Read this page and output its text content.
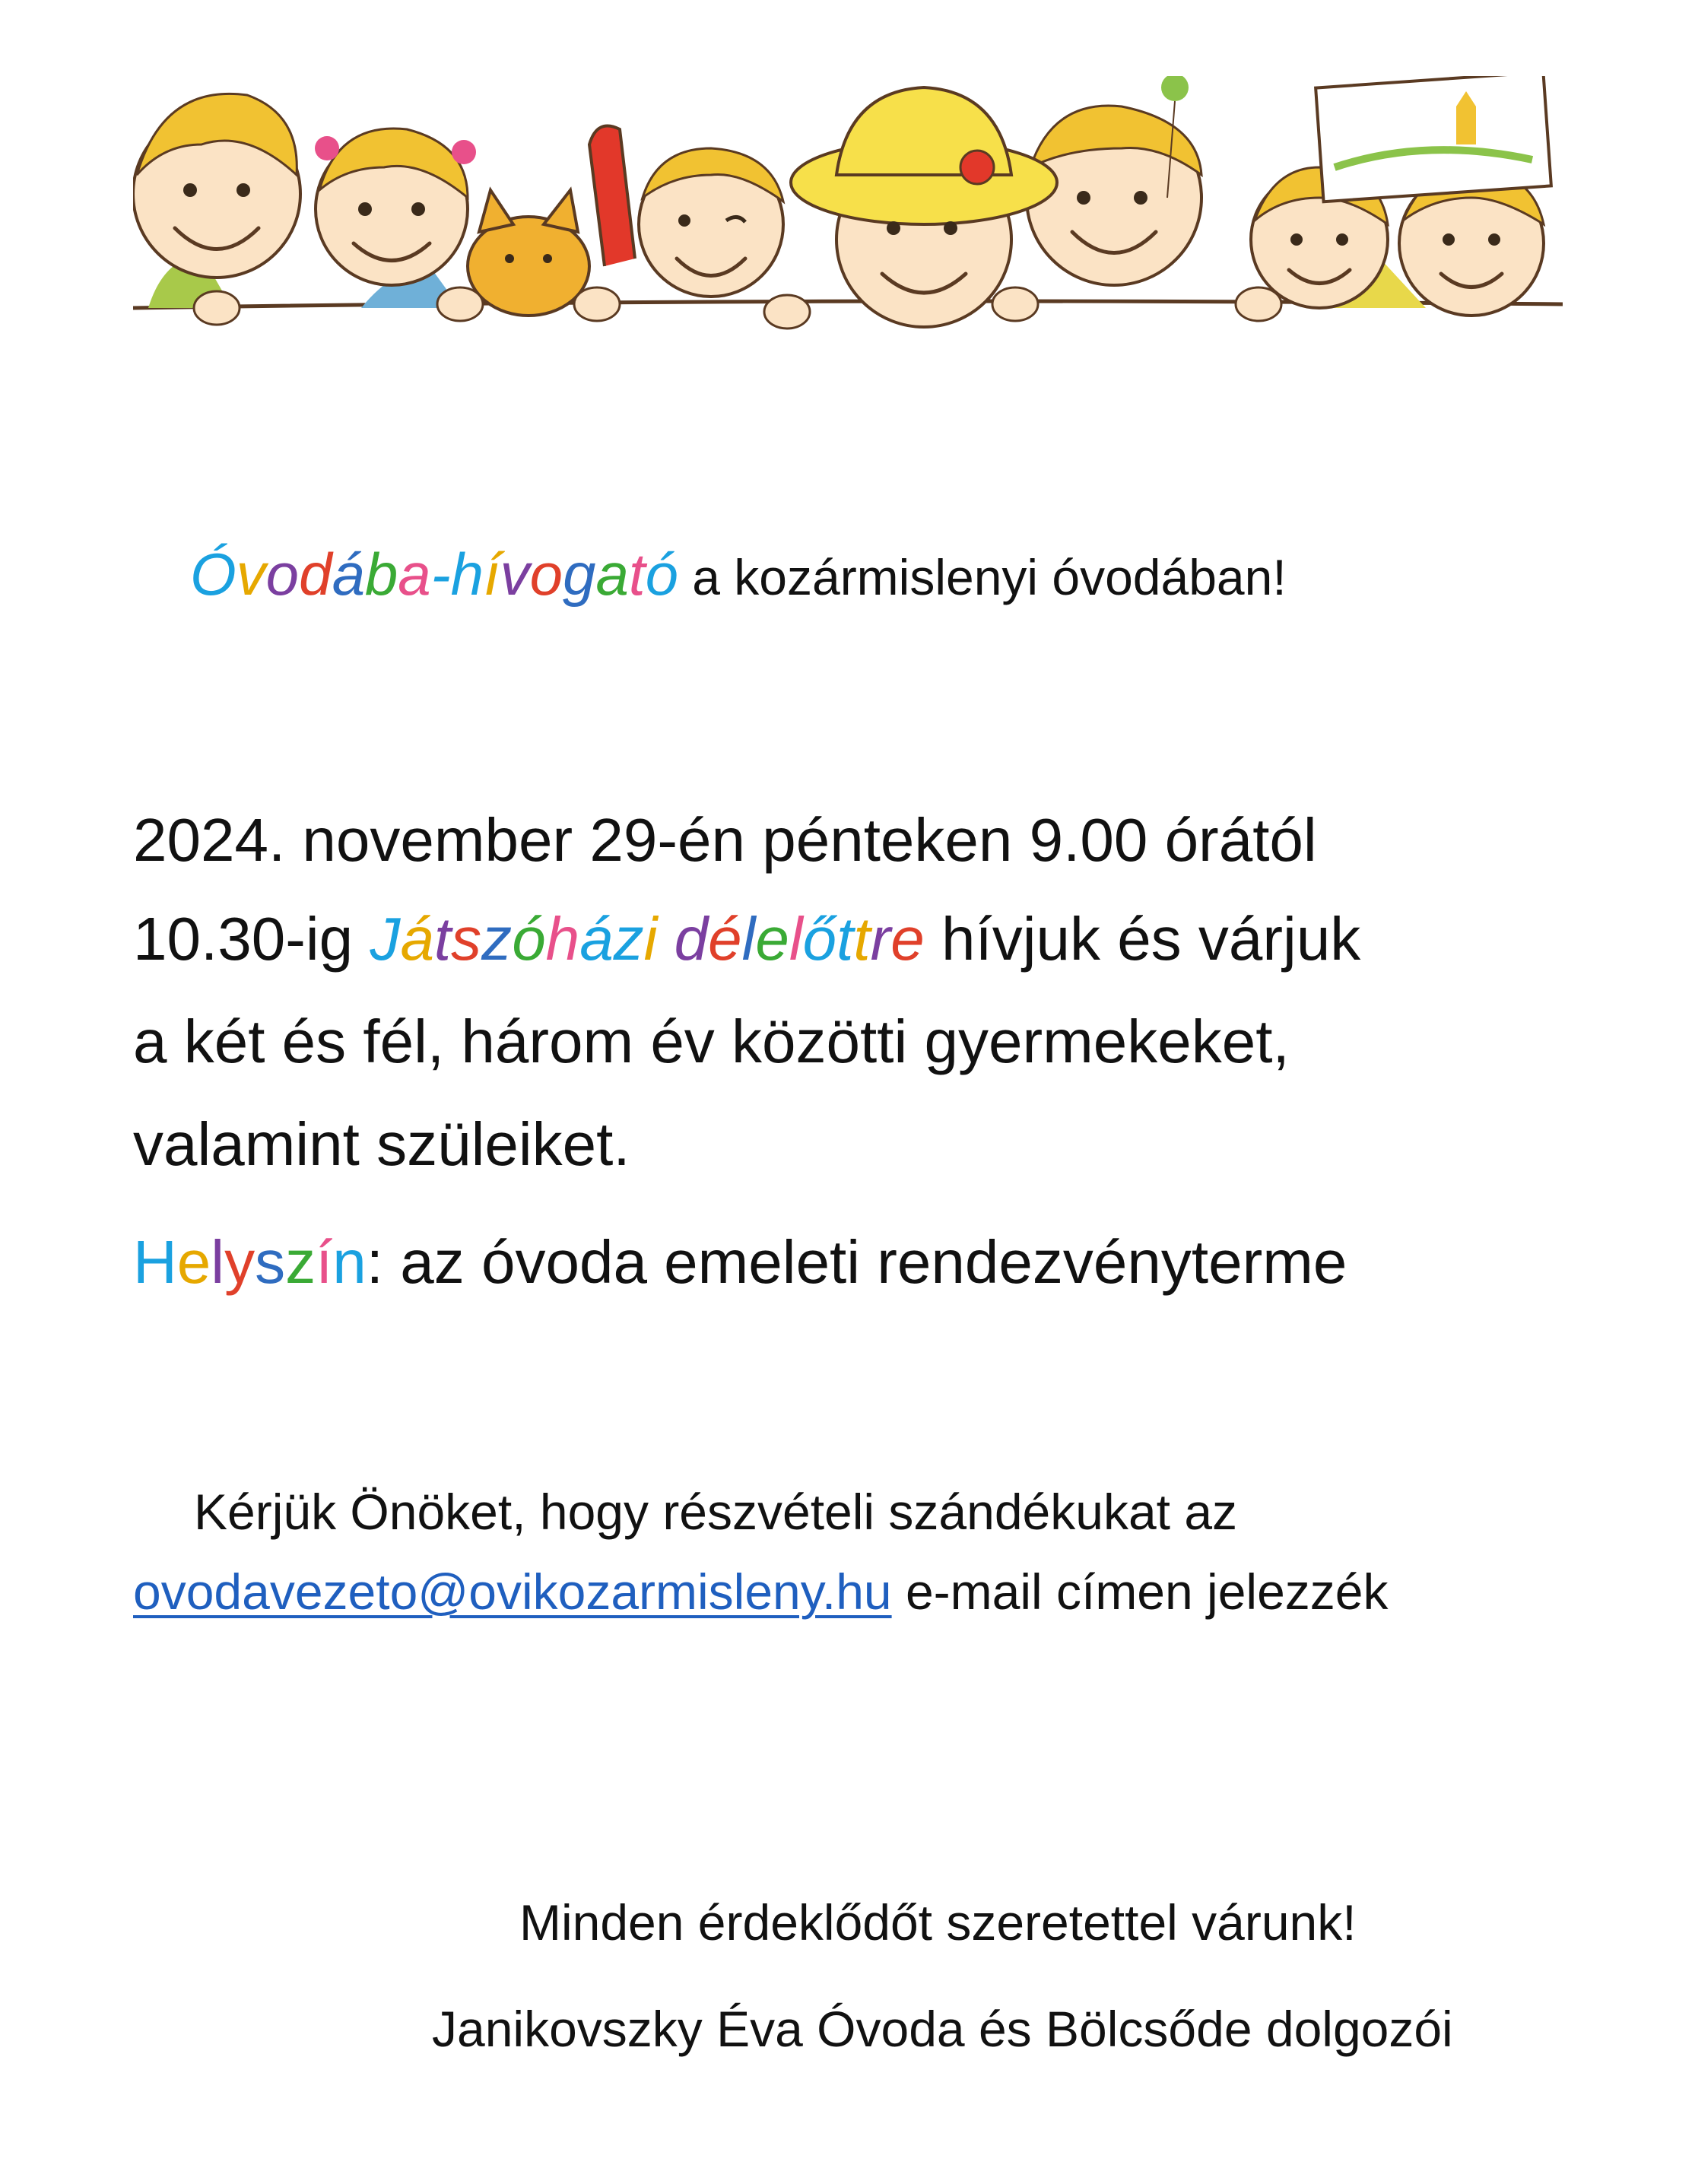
Óvodába-hívogató a kozármislenyi óvodában!
2024. november 29-én pénteken 9.00 órától
10.30-ig Játszóházi délelőttre hívjuk és várjuk
a két és fél, három év közötti gyermekeket,
valamint szüleiket.
Helyszín: az óvoda emeleti rendezvényterme
Kérjük Önöket, hogy részvételi szándékukat az
ovodavezeto@ovikozarmisleny.hu e-mail címen jelezzék
Minden érdeklődőt szeretettel várunk!
Janikovszky Éva Óvoda és Bölcsőde dolgozói
